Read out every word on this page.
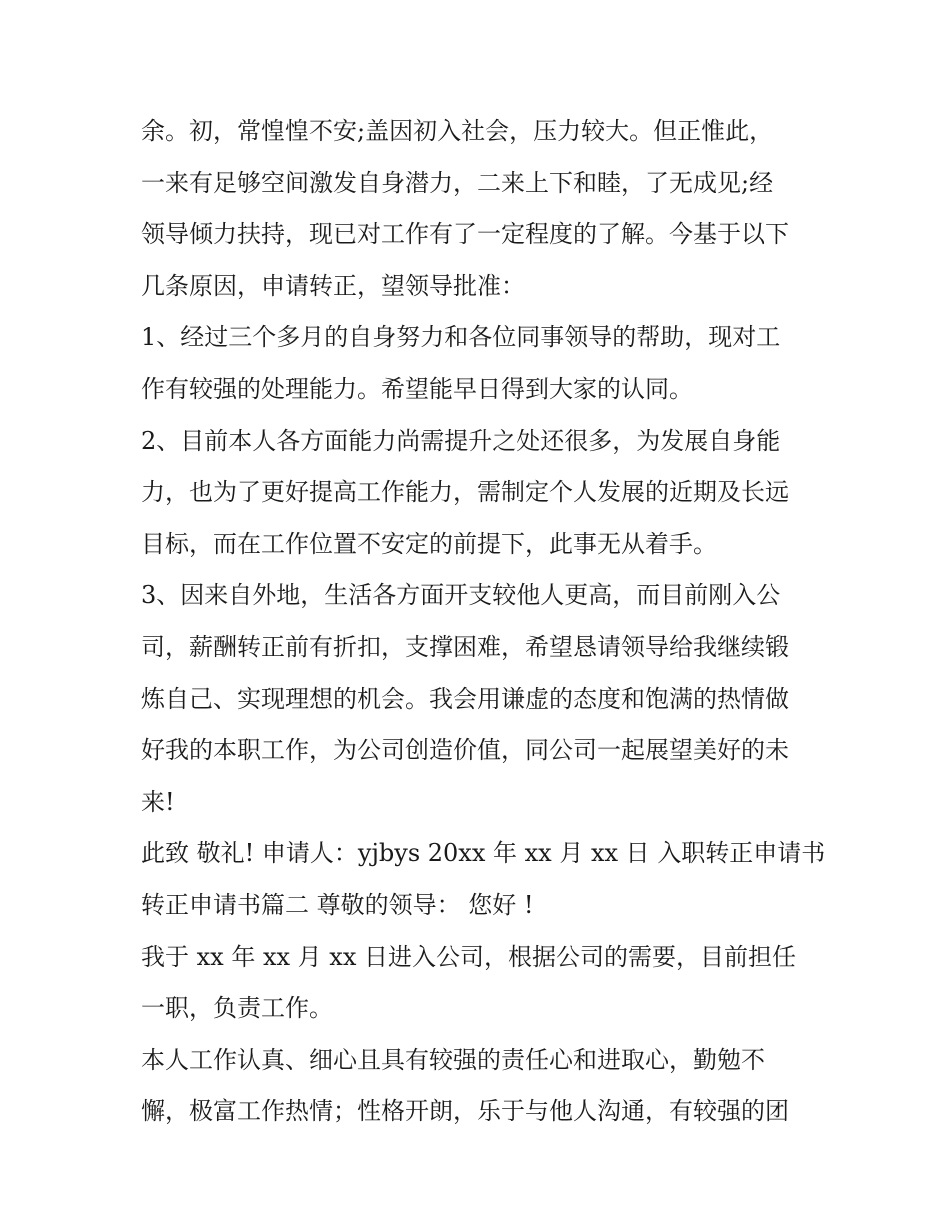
余。初，常惶惶不安;盖因初入社会，压力较大。但正惟此，
一来有足够空间激发自身潜力，二来上下和睦，了无成见;经
领导倾力扶持，现已对工作有了一定程度的了解。今基于以下
几条原因，申请转正，望领导批准：
1、经过三个多月的自身努力和各位同事领导的帮助，现对工
作有较强的处理能力。希望能早日得到大家的认同。
2、目前本人各方面能力尚需提升之处还很多，为发展自身能
力，也为了更好提高工作能力，需制定个人发展的近期及长远
目标，而在工作位置不安定的前提下，此事无从着手。
3、因来自外地，生活各方面开支较他人更高，而目前刚入公
司，薪酬转正前有折扣，支撑困难，希望恳请领导给我继续锻
炼自己、实现理想的机会。我会用谦虚的态度和饱满的热情做
好我的本职工作，为公司创造价值，同公司一起展望美好的未
来!
此致 敬礼! 申请人：yjbys 20xx 年 xx 月 xx 日 入职转正申请书
转正申请书篇二 尊敬的领导： 您好 !
我于 xx 年 xx 月 xx 日进入公司，根据公司的需要，目前担任
一职，负责工作。
本人工作认真、细心且具有较强的责任心和进取心，勤勉不
懈，极富工作热情；性格开朗，乐于与他人沟通，有较强的团
